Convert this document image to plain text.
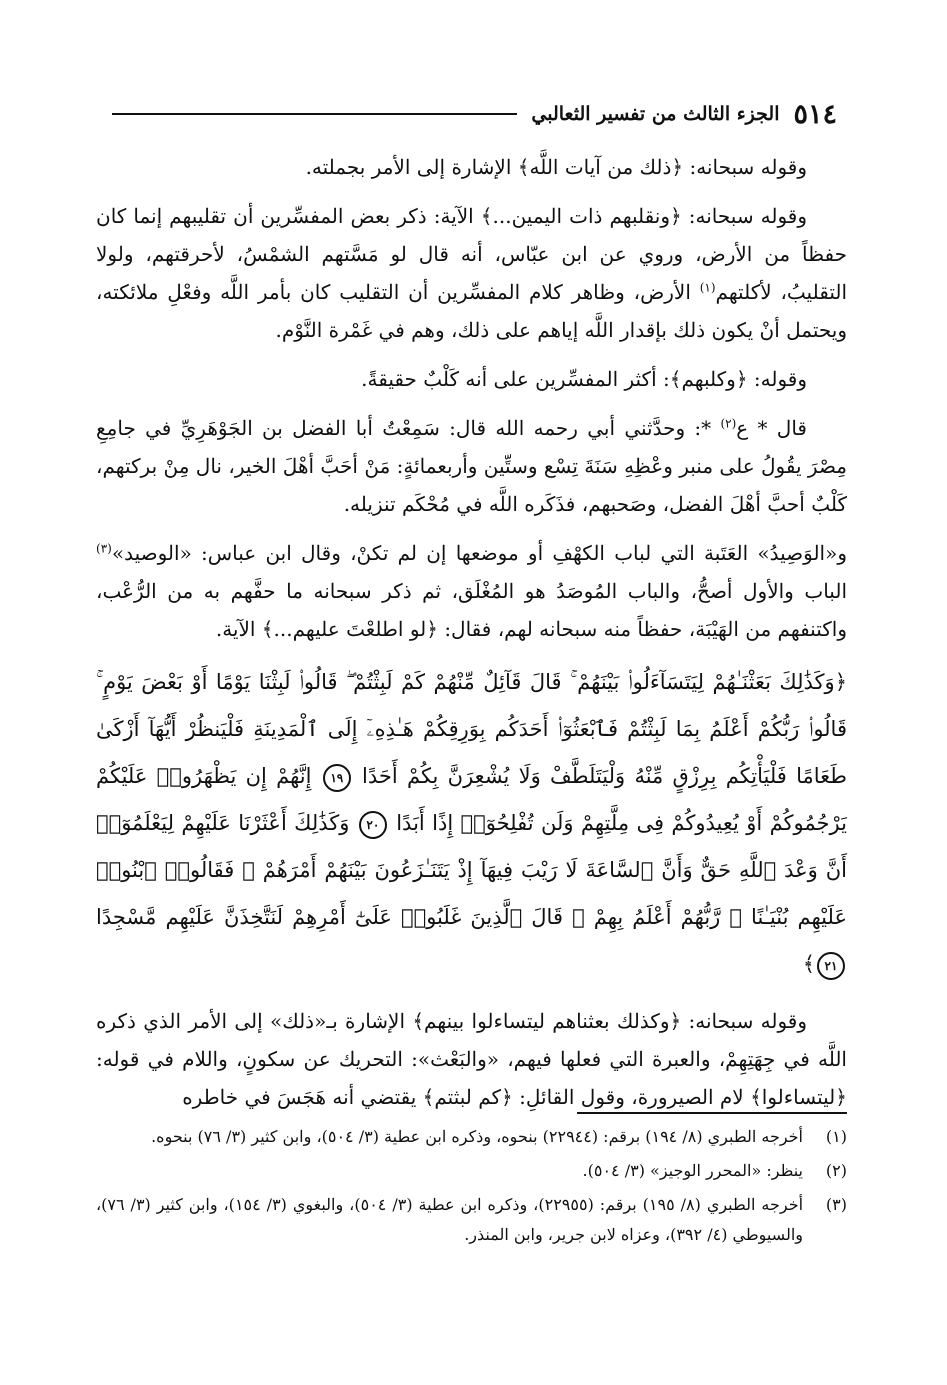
٥١٤
الجزء الثالث من تفسير الثعالبي

وقوله سبحانه: ﴿ذلك من آيات اللَّه﴾ الإشارة إلى الأمر بجملته.

وقوله سبحانه: ﴿ونقلبهم ذات اليمين...﴾ الآية: ذكر بعض المفسِّرين أن تقليبهم إنما كان حفظاً من الأرض، وروي عن ابن عبّاس، أنه قال لو مَسَّتهم الشمْسُ، لأحرقتهم، ولولا التقليبُ، لأكلتهم$^{(١)}$ الأرض، وظاهر كلام المفسِّرين أن التقليب كان بأمر اللَّه وفعْلِ ملائكته، ويحتمل أنْ يكون ذلك بإقدار اللَّه إياهم على ذلك، وهم في غَمْرة النَّوْم.

وقوله: ﴿وكلبهم﴾: أكثر المفسِّرين على أنه كَلْبٌ حقيقةً.

قال * ع$^{(٢)}$ *: وحدَّثني أبي رحمه الله قال: سَمِعْتُ أبا الفضل بن الجَوْهَرِيِّ في جامِعِ مِصْرَ يقُولُ على منبر وعْظِهِ سَنَةَ تِسْع وستِّين وأربعمائةٍ: مَنْ أحَبَّ أهْلَ الخير، نال مِنْ بركتهم، كَلْبٌ أحبَّ أهْلَ الفضل، وصَحبهم، فذَكَره اللَّه في مُحْكَم تنزيله.

و«الوَصِيدُ» العَتَبة التي لباب الكهْفِ أو موضعها إن لم تكنْ، وقال ابن عباس: «الوصيد»$^{(٣)}$ الباب والأول أصحُّ، والباب المُوصَدُ هو المُغْلَق، ثم ذكر سبحانه ما حفَّهم به من الرُّعْب، واكتنفهم من الهَيْبَة، حفظاً منه سبحانه لهم، فقال: ﴿لو اطلعْتَ عليهم...﴾ الآية.

﴿وَكَذَٰلِكَ بَعَثْنَـٰهُمْ لِيَتَسَآءَلُوا۟ بَيْنَهُمْ ۚ قَالَ قَآئِلٌ مِّنْهُمْ كَمْ لَبِثْتُمْ ۖ قَالُوا۟ لَبِثْنَا يَوْمًا أَوْ بَعْضَ يَوْمٍ ۚ قَالُوا۟ رَبُّكُمْ أَعْلَمُ بِمَا لَبِثْتُمْ فَٱبْعَثُوٓا۟ أَحَدَكُم بِوَرِقِكُمْ هَـٰذِهِۦٓ إِلَى ٱلْمَدِينَةِ فَلْيَنظُرْ أَيُّهَآ أَزْكَىٰ طَعَامًا فَلْيَأْتِكُم بِرِزْقٍ مِّنْهُ وَلْيَتَلَطَّفْ وَلَا يُشْعِرَنَّ بِكُمْ أَحَدًا ١٩ إِنَّهُمْ إِن يَظْهَرُوا۟ عَلَيْكُمْ يَرْجُمُوكُمْ أَوْ يُعِيدُوكُمْ فِى مِلَّتِهِمْ وَلَن تُفْلِحُوٓا۟ إِذًا أَبَدًا ٢٠ وَكَذَٰلِكَ أَعْثَرْنَا عَلَيْهِمْ لِيَعْلَمُوٓا۟ أَنَّ وَعْدَ ٱللَّهِ حَقٌّ وَأَنَّ ٱلسَّاعَةَ لَا رَيْبَ فِيهَآ إِذْ يَتَنَـٰزَعُونَ بَيْنَهُمْ أَمْرَهُمْ ۖ فَقَالُوا۟ ٱبْنُوا۟ عَلَيْهِم بُنْيَـٰنًا ۖ رَّبُّهُمْ أَعْلَمُ بِهِمْ ۚ قَالَ ٱلَّذِينَ غَلَبُوا۟ عَلَىٰٓ أَمْرِهِمْ لَنَتَّخِذَنَّ عَلَيْهِم مَّسْجِدًا ٢١﴾

وقوله سبحانه: ﴿وكذلك بعثناهم ليتساءلوا بينهم﴾ الإشارة بـ«ذلك» إلى الأمر الذي ذكره اللَّه في جِهَتِهِمْ، والعبرة التي فعلها فيهم، «والبَعْث»: التحريك عن سكونٍ، واللام في قوله: ﴿ليتساءلوا﴾ لام الصيرورة، وقول القائلِ: ﴿كم لبثتم﴾ يقتضي أنه هَجَسَ في خاطره

(١)
أخرجه الطبري (٨/ ١٩٤) برقم: (٢٢٩٤٤) بنحوه، وذكره ابن عطية (٣/ ٥٠٤)، وابن كثير (٣/ ٧٦) بنحوه.
(٢)
ينظر: «المحرر الوجيز» (٣/ ٥٠٤).
(٣)
أخرجه الطبري (٨/ ١٩٥) برقم: (٢٢٩٥٥)، وذكره ابن عطية (٣/ ٥٠٤)، والبغوي (٣/ ١٥٤)، وابن كثير (٣/ ٧٦)، والسيوطي (٤/ ٣٩٢)، وعزاه لابن جرير، وابن المنذر.
